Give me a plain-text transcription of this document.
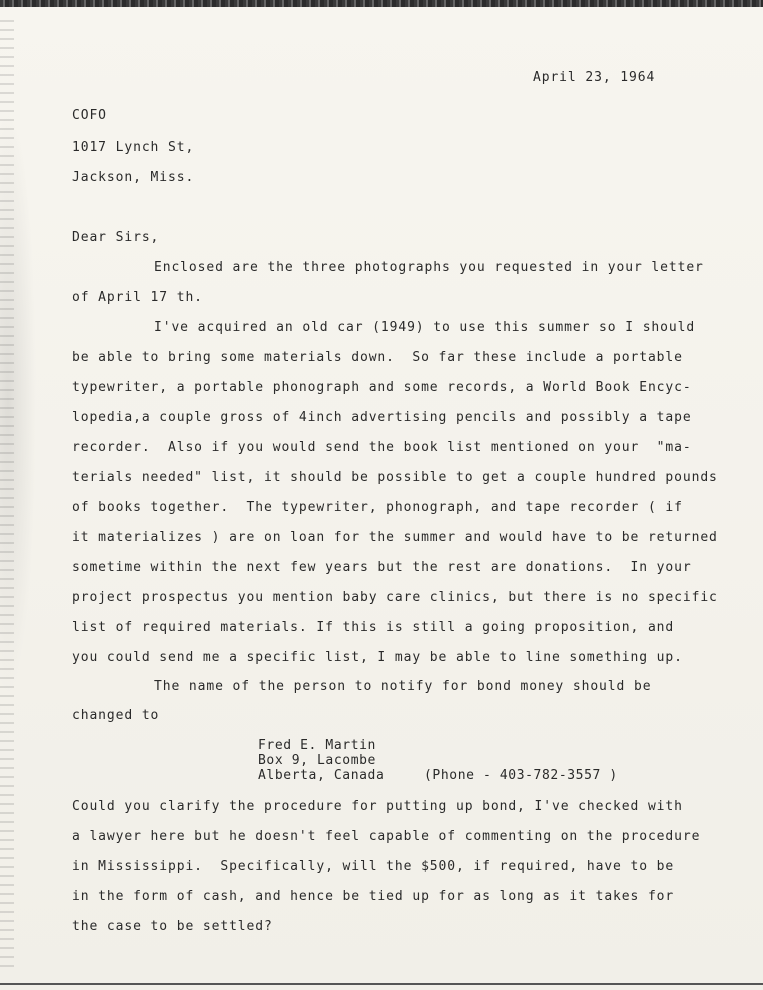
April 23, 1964

COFO

1017 Lynch St,

Jackson, Miss.

Dear Sirs,

Enclosed are the three photographs you requested in your letter

of April 17 th.

I've acquired an old car (1949) to use this summer so I should

be able to bring some materials down.  So far these include a portable

typewriter, a portable phonograph and some records, a World Book Encyc-

lopedia,a couple gross of 4inch advertising pencils and possibly a tape

recorder.  Also if you would send the book list mentioned on your  "ma-

terials needed" list, it should be possible to get a couple hundred pounds

of books together.  The typewriter, phonograph, and tape recorder ( if

it materializes ) are on loan for the summer and would have to be returned

sometime within the next few years but the rest are donations.  In your

project prospectus you mention baby care clinics, but there is no specific

list of required materials. If this is still a going proposition, and

you could send me a specific list, I may be able to line something up.

The name of the person to notify for bond money should be

changed to

Fred E. Martin

Box 9, Lacombe

Alberta, Canada	(Phone - 403-782-3557 )

Could you clarify the procedure for putting up bond, I've checked with

a lawyer here but he doesn't feel capable of commenting on the procedure

in Mississippi.  Specifically, will the $500, if required, have to be

in the form of cash, and hence be tied up for as long as it takes for

the case to be settled?
